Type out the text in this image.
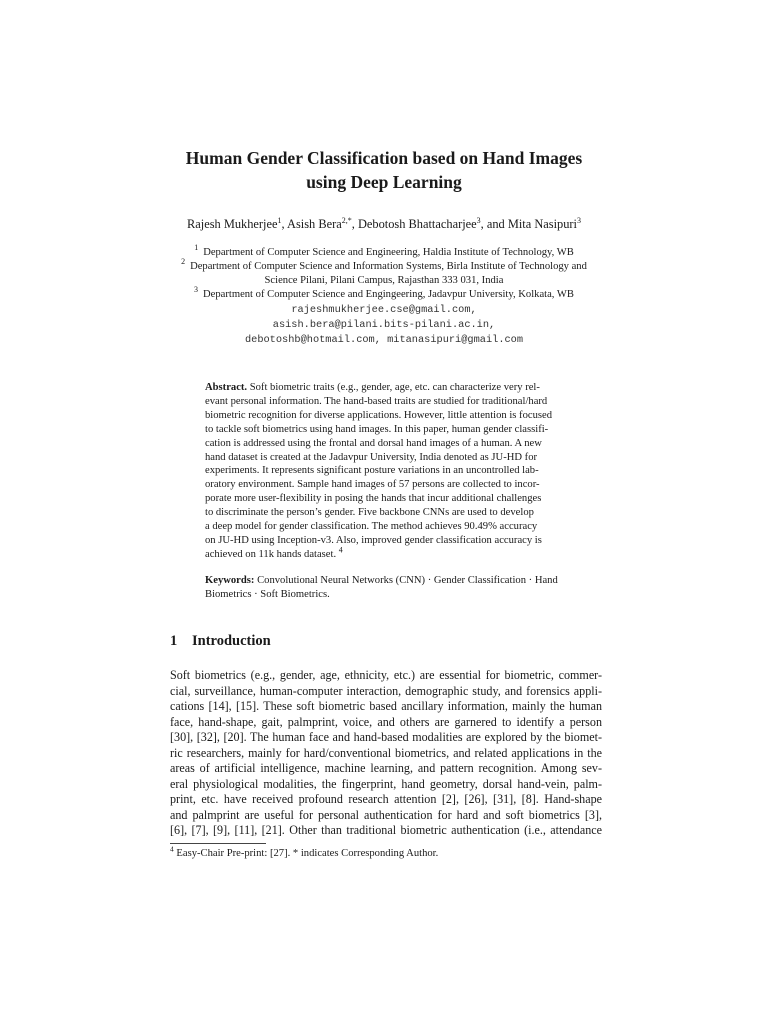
Human Gender Classification based on Hand Images
using Deep Learning
Rajesh Mukherjee$^1$, Asish Bera$^{2,*}$, Debotosh Bhattacharjee$^3$, and Mita Nasipuri$^3$
$^1$ Department of Computer Science and Engineering, Haldia Institute of Technology, WB
$^2$ Department of Computer Science and Information Systems, Birla Institute of Technology and
Science Pilani, Pilani Campus, Rajasthan 333 031, India
$^3$ Department of Computer Science and Engingeering, Jadavpur University, Kolkata, WB
rajeshmukherjee.cse@gmail.com,
asish.bera@pilani.bits-pilani.ac.in,
debotoshb@hotmail.com, mitanasipuri@gmail.com
Abstract. Soft biometric traits (e.g., gender, age, etc. can characterize very rel-
evant personal information. The hand-based traits are studied for traditional/hard
biometric recognition for diverse applications. However, little attention is focused
to tackle soft biometrics using hand images. In this paper, human gender classifi-
cation is addressed using the frontal and dorsal hand images of a human. A new
hand dataset is created at the Jadavpur University, India denoted as JU-HD for
experiments. It represents significant posture variations in an uncontrolled lab-
oratory environment. Sample hand images of 57 persons are collected to incor-
porate more user-flexibility in posing the hands that incur additional challenges
to discriminate the person’s gender. Five backbone CNNs are used to develop
a deep model for gender classification. The method achieves 90.49% accuracy
on JU-HD using Inception-v3. Also, improved gender classification accuracy is
achieved on 11k hands dataset. $^4$
Keywords: Convolutional Neural Networks (CNN) · Gender Classification · Hand
Biometrics · Soft Biometrics.
1 Introduction
Soft biometrics (e.g., gender, age, ethnicity, etc.) are essential for biometric, commer-
cial, surveillance, human-computer interaction, demographic study, and forensics appli-
cations [14], [15]. These soft biometric based ancillary information, mainly the human
face, hand-shape, gait, palmprint, voice, and others are garnered to identify a person
[30], [32], [20]. The human face and hand-based modalities are explored by the biomet-
ric researchers, mainly for hard/conventional biometrics, and related applications in the
areas of artificial intelligence, machine learning, and pattern recognition. Among sev-
eral physiological modalities, the fingerprint, hand geometry, dorsal hand-vein, palm-
print, etc. have received profound research attention [2], [26], [31], [8]. Hand-shape
and palmprint are useful for personal authentication for hard and soft biometrics [3],
[6], [7], [9], [11], [21]. Other than traditional biometric authentication (i.e., attendance
$^4$ Easy-Chair Pre-print: [27]. * indicates Corresponding Author.
